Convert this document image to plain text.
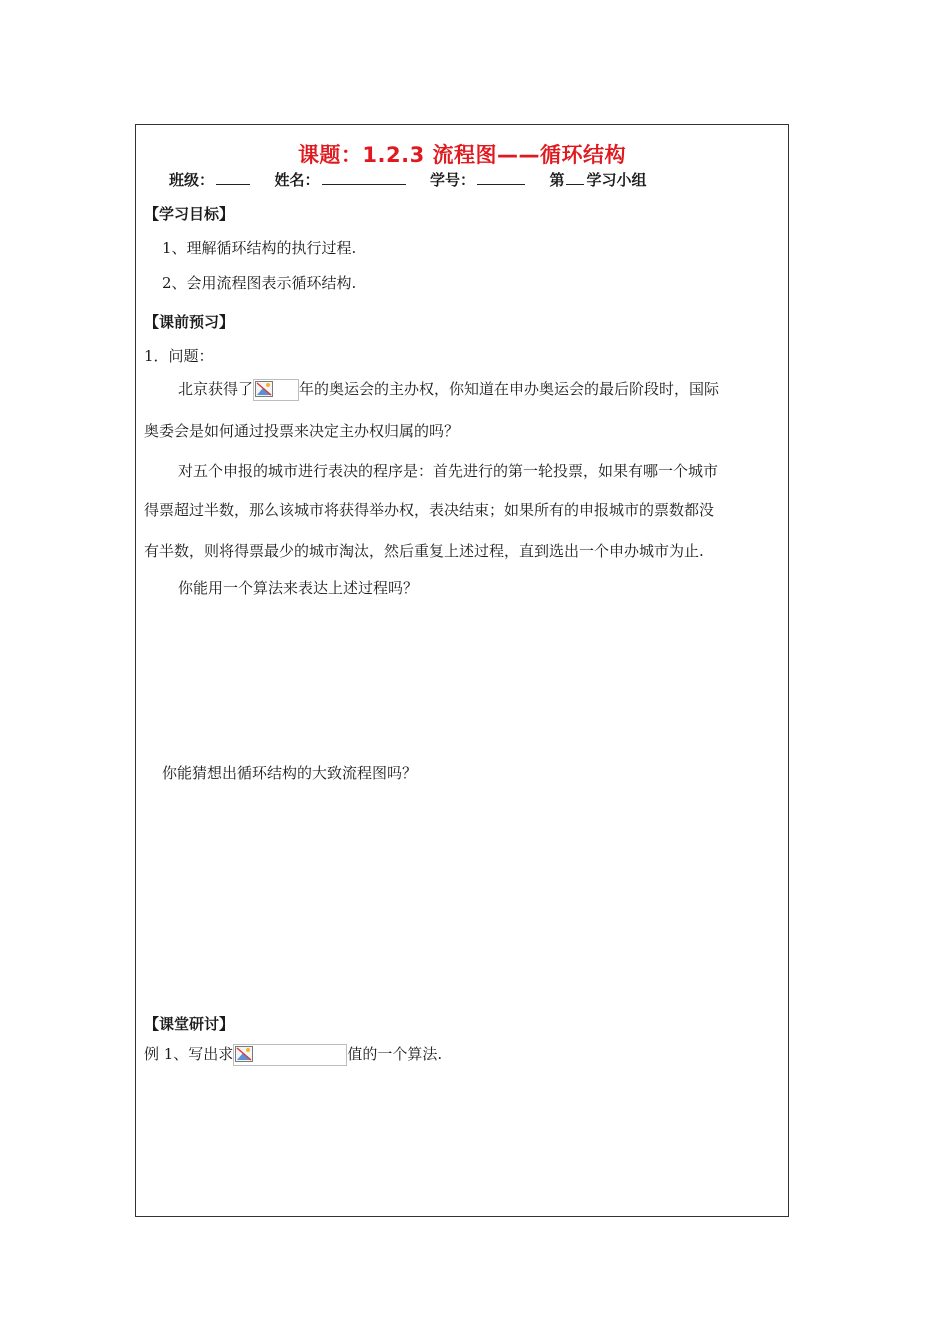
课题：1.2.3 流程图——循环结构
班级：	姓名：	学号：	第 学习小组
【学习目标】
1、理解循环结构的执行过程.
2、会用流程图表示循环结构.
【课前预习】
1．问题：
北京获得了	年的奥运会的主办权，你知道在申办奥运会的最后阶段时，国际
奥委会是如何通过投票来决定主办权归属的吗？
对五个申报的城市进行表决的程序是：首先进行的第一轮投票，如果有哪一个城市
得票超过半数，那么该城市将获得举办权，表决结束；如果所有的申报城市的票数都没
有半数，则将得票最少的城市淘汰，然后重复上述过程，直到选出一个申办城市为止.
你能用一个算法来表达上述过程吗？
你能猜想出循环结构的大致流程图吗？
【课堂研讨】
例 1、写出求	值的一个算法.
